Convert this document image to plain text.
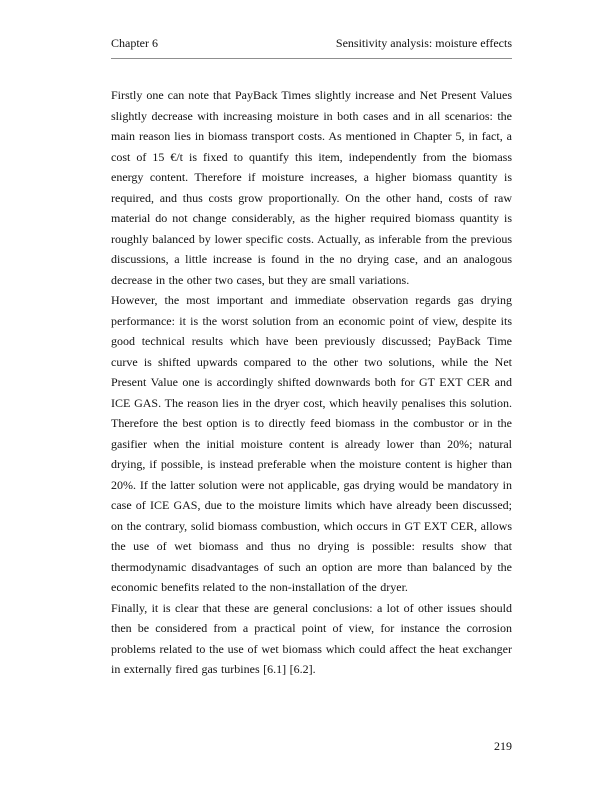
Chapter 6	Sensitivity analysis: moisture effects

Firstly one can note that PayBack Times slightly increase and Net Present Values slightly decrease with increasing moisture in both cases and in all scenarios: the main reason lies in biomass transport costs. As mentioned in Chapter 5, in fact, a cost of 15 €/t is fixed to quantify this item, independently from the biomass energy content. Therefore if moisture increases, a higher biomass quantity is required, and thus costs grow proportionally. On the other hand, costs of raw material do not change considerably, as the higher required biomass quantity is roughly balanced by lower specific costs. Actually, as inferable from the previous discussions, a little increase is found in the no drying case, and an analogous decrease in the other two cases, but they are small variations.

However, the most important and immediate observation regards gas drying performance: it is the worst solution from an economic point of view, despite its good technical results which have been previously discussed; PayBack Time curve is shifted upwards compared to the other two solutions, while the Net Present Value one is accordingly shifted downwards both for GT EXT CER and ICE GAS. The reason lies in the dryer cost, which heavily penalises this solution. Therefore the best option is to directly feed biomass in the combustor or in the gasifier when the initial moisture content is already lower than 20%; natural drying, if possible, is instead preferable when the moisture content is higher than 20%. If the latter solution were not applicable, gas drying would be mandatory in case of ICE GAS, due to the moisture limits which have already been discussed; on the contrary, solid biomass combustion, which occurs in GT EXT CER, allows the use of wet biomass and thus no drying is possible: results show that thermodynamic disadvantages of such an option are more than balanced by the economic benefits related to the non-installation of the dryer.

Finally, it is clear that these are general conclusions: a lot of other issues should then be considered from a practical point of view, for instance the corrosion problems related to the use of wet biomass which could affect the heat exchanger in externally fired gas turbines [6.1] [6.2].

219
